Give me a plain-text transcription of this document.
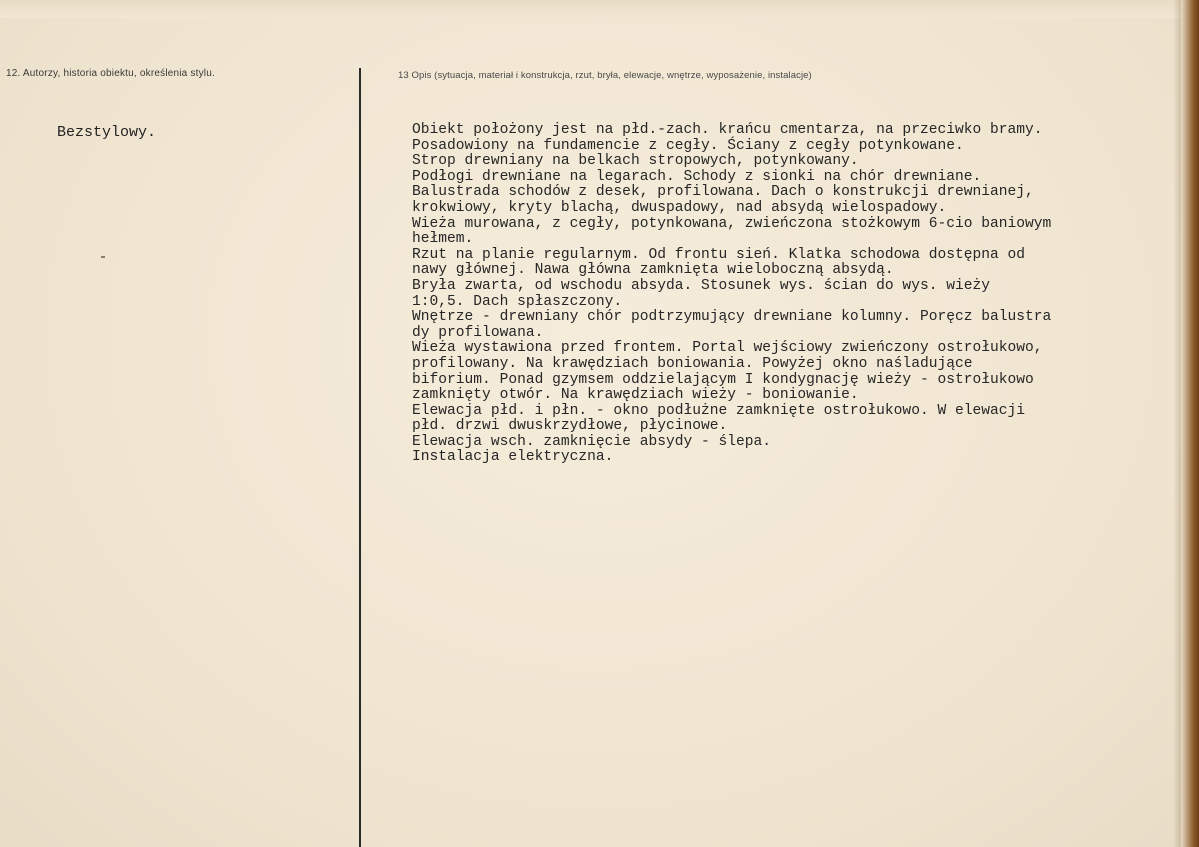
12. Autorzy, historia obiektu, określenia stylu.	13 Opis (sytuacja, materiał i konstrukcja, rzut, bryła, elewacje, wnętrze, wyposażenie, instalacje)
Bezstylowy.	Obiekt położony jest na płd.-zach. krańcu cmentarza, na przeciwko bramy.
Posadowiony na fundamencie z cegły. Ściany z cegły potynkowane.
Strop drewniany na belkach stropowych, potynkowany.
Podłogi drewniane na legarach. Schody z sionki na chór drewniane.
Balustrada schodów z desek, profilowana. Dach o konstrukcji drewnianej,
krokwiowy, kryty blachą, dwuspadowy, nad absydą wielospadowy.
Wieża murowana, z cegły, potynkowana, zwieńczona stożkowym 6-cio baniowym
hełmem.
Rzut na planie regularnym. Od frontu sień. Klatka schodowa dostępna od
nawy głównej. Nawa główna zamknięta wieloboczną absydą.
Bryła zwarta, od wschodu absyda. Stosunek wys. ścian do wys. wieży
1:0,5. Dach spłaszczony.
Wnętrze - drewniany chór podtrzymujący drewniane kolumny. Poręcz balustra
dy profilowana.
Wieża wystawiona przed frontem. Portal wejściowy zwieńczony ostrołukowo,
profilowany. Na krawędziach boniowania. Powyżej okno naśladujące
biforium. Ponad gzymsem oddzielającym I kondygnację wieży - ostrołukowo
zamknięty otwór. Na krawędziach wieży - boniowanie.
Elewacja płd. i płn. - okno podłużne zamknięte ostrołukowo. W elewacji
płd. drzwi dwuskrzydłowe, płycinowe.
Elewacja wsch. zamknięcie absydy - ślepa.
Instalacja elektryczna.
